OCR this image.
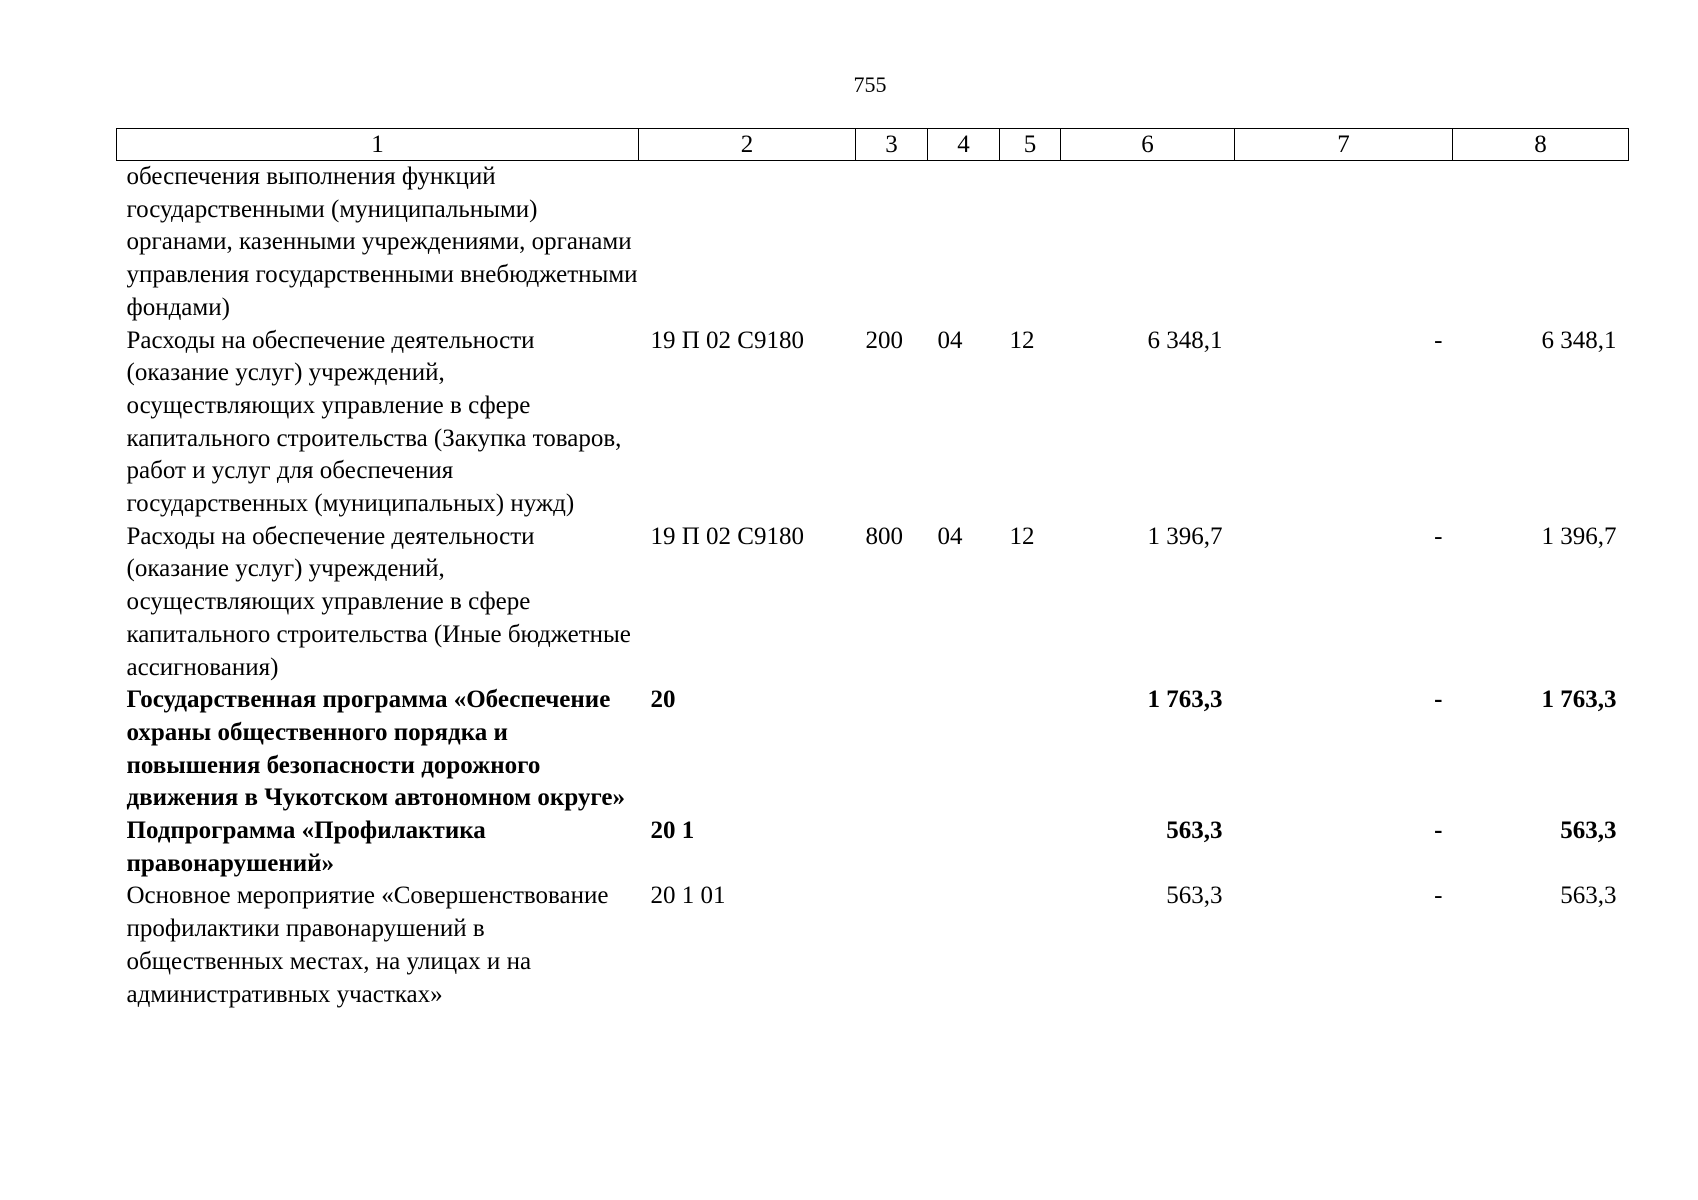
755
1	2	3	4	5	6	7	8
обеспечения выполнения функций государственными (муниципальными) органами, казенными учреждениями, органами управления государственными внебюджетными фондами)							
Расходы на обеспечение деятельности (оказание услуг) учреждений, осуществляющих управление в сфере капитального строительства (Закупка товаров, работ и услуг для обеспечения государственных (муниципальных) нужд)	19 П 02 С9180	200	04	12	6 348,1	-	6 348,1
Расходы на обеспечение деятельности (оказание услуг) учреждений, осуществляющих управление в сфере капитального строительства (Иные бюджетные ассигнования)	19 П 02 С9180	800	04	12	1 396,7	-	1 396,7
Государственная программа «Обеспечение охраны общественного порядка и повышения безопасности дорожного движения в Чукотском автономном округе»	20				1 763,3	-	1 763,3
Подпрограмма «Профилактика правонарушений»	20 1				563,3	-	563,3
Основное мероприятие «Совершенствование профилактики правонарушений в общественных местах, на улицах и на административных участках»	20 1 01				563,3	-	563,3
